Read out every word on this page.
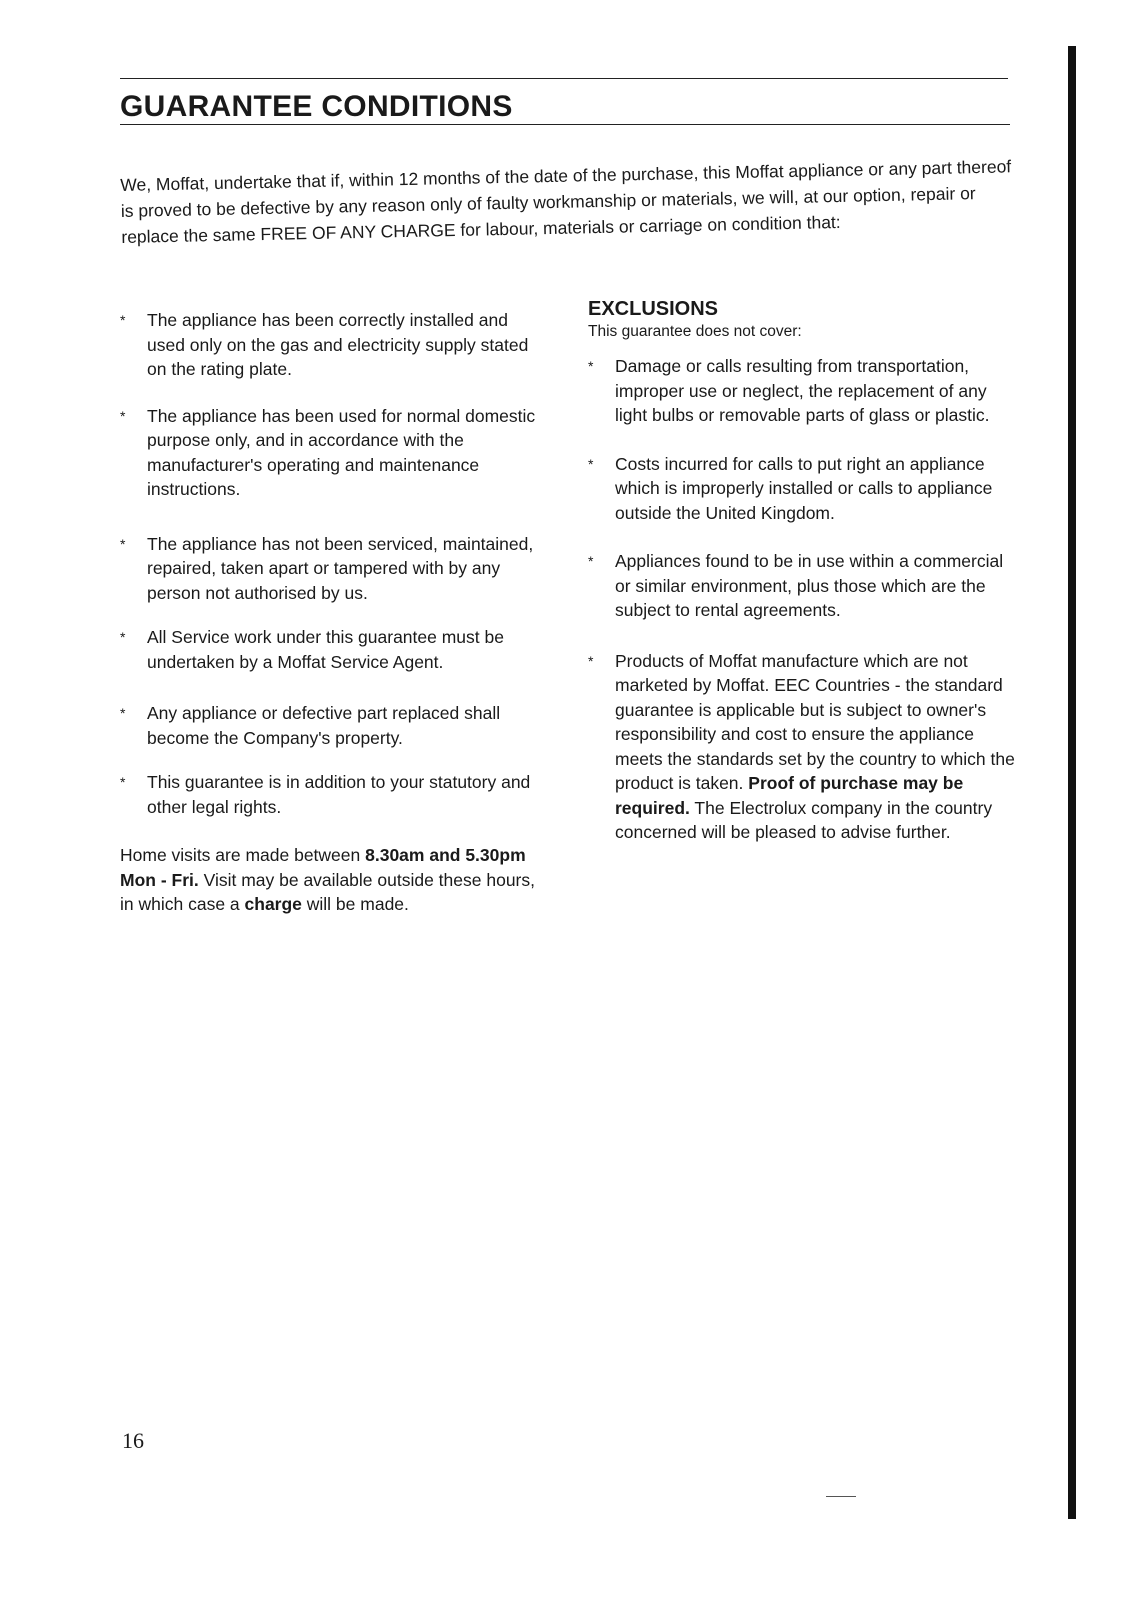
GUARANTEE CONDITIONS

We, Moffat, undertake that if, within 12 months of the date of the purchase, this Moffat appliance or any part thereof is proved to be defective by any reason only of faulty workmanship or materials, we will, at our option, repair or replace the same FREE OF ANY CHARGE for labour, materials or carriage on condition that:

* The appliance has been correctly installed and used only on the gas and electricity supply stated on the rating plate.
* The appliance has been used for normal domestic purpose only, and in accordance with the manufacturer's operating and maintenance instructions.
* The appliance has not been serviced, maintained, repaired, taken apart or tampered with by any person not authorised by us.
* All Service work under this guarantee must be undertaken by a Moffat Service Agent.
* Any appliance or defective part replaced shall become the Company's property.
* This guarantee is in addition to your statutory and other legal rights.

Home visits are made between 8.30am and 5.30pm Mon - Fri. Visit may be available outside these hours, in which case a charge will be made.

EXCLUSIONS

This guarantee does not cover:

* Damage or calls resulting from transportation, improper use or neglect, the replacement of any light bulbs or removable parts of glass or plastic.
* Costs incurred for calls to put right an appliance which is improperly installed or calls to appliance outside the United Kingdom.
* Appliances found to be in use within a commercial or similar environment, plus those which are the subject to rental agreements.
* Products of Moffat manufacture which are not marketed by Moffat. EEC Countries - the standard guarantee is applicable but is subject to owner's responsibility and cost to ensure the appliance meets the standards set by the country to which the product is taken. Proof of purchase may be required. The Electrolux company in the country concerned will be pleased to advise further.
16
